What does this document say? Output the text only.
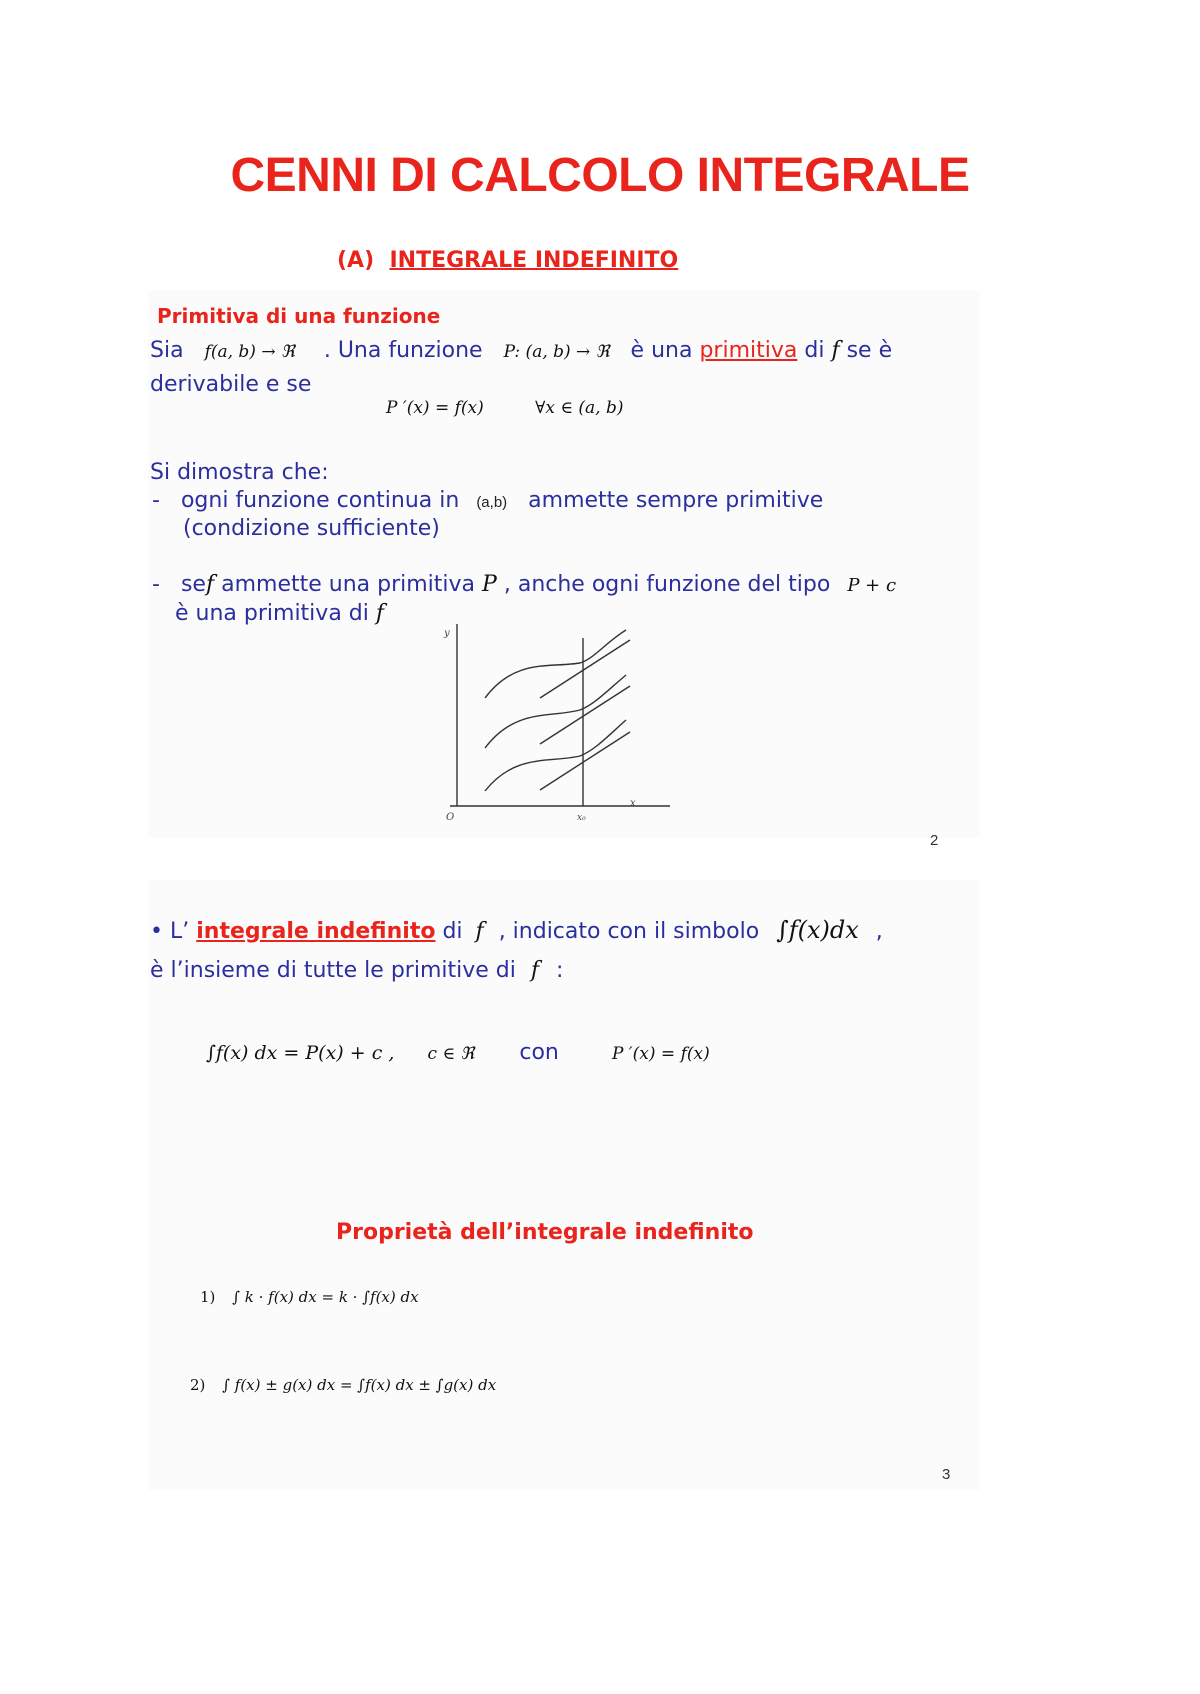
CENNI DI CALCOLO INTEGRALE
(A) INTEGRALE INDEFINITO
Primitiva di una funzione
Sia f(a, b) → ℜ . Una funzione P: (a, b) → ℜ è una primitiva di f se è
derivabile e se
P ′(x) = f(x)	∀x ∈ (a, b)
Si dimostra che:
- ogni funzione continua in (a,b) ammette sempre primitive
(condizione sufficiente)
- sef ammette una primitiva P , anche ogni funzione del tipo P + c
è una primitiva di f
y
x
O	x₀
2
• L’ integrale indefinito di f , indicato con il simbolo ∫f(x)dx ,
è l’insieme di tutte le primitive di f :
∫f(x) dx = P(x) + c , c ∈ ℜ con	P ′(x) = f(x)
Proprietà dell’integrale indefinito
1) ∫ k · f(x) dx = k · ∫f(x) dx
2) ∫ f(x) ± g(x) dx = ∫f(x) dx ± ∫g(x) dx
3
